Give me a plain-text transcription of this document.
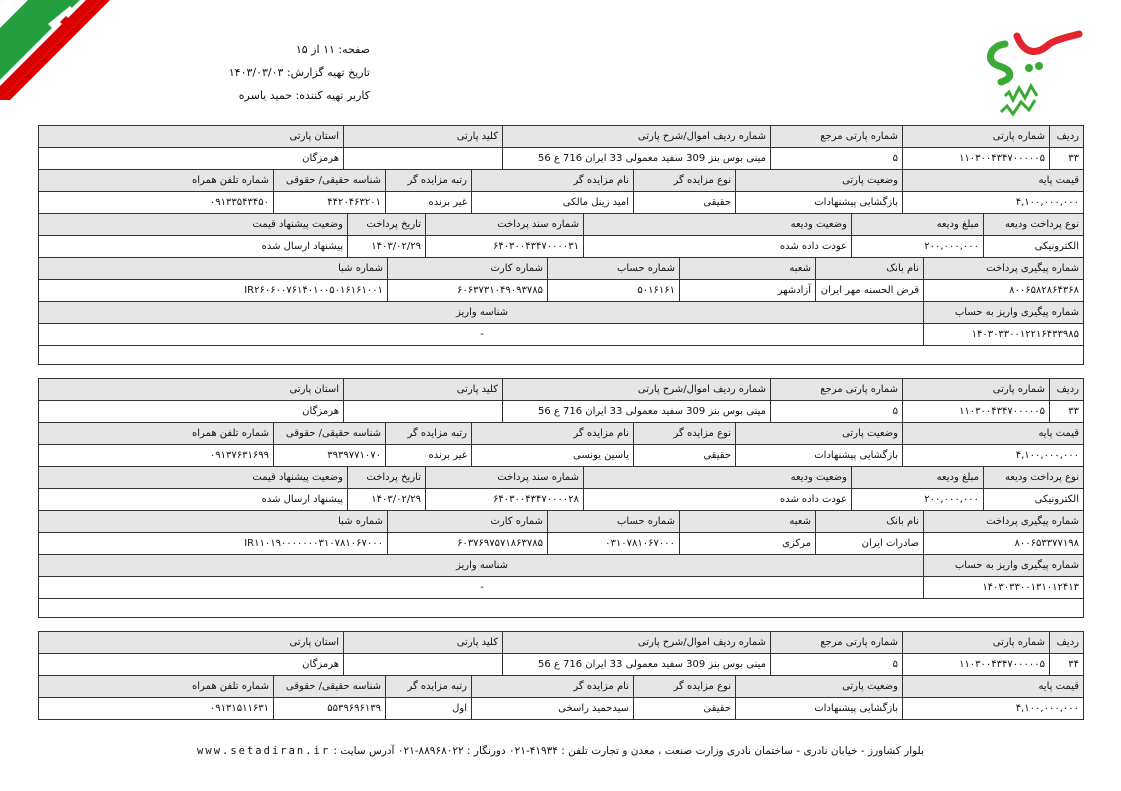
صفحه: ۱۱ از ۱۵
تاریخ تهیه گزارش: ۱۴۰۳/۰۳/۰۳
کاربر تهیه کننده: حمید یاسره
ردیف
شماره پارتی
شماره پارتی مرجع
شماره ردیف اموال/شرح پارتی
کلید پارتی
استان پارتی
۳۳
۱۱۰۳۰۰۴۳۴۷۰۰۰۰۰۵
۵
مینی بوس بنز 309 سفید معمولی 33 ایران 716 ع 56
هرمزگان
قیمت پایه
وضعیت پارتی
نوع مزایده گر
نام مزایده گر
رتبه مزایده گر
شناسه حقیقی/ حقوقی
شماره تلفن همراه
۴,۱۰۰,۰۰۰,۰۰۰
بازگشایی پیشنهادات
حقیقی
امید زینل مالکی
غیر برنده
۴۴۲۰۴۶۳۲۰۱
۰۹۱۳۳۵۴۳۴۵۰
نوع پرداخت ودیعه
مبلغ ودیعه
وضعیت ودیعه
شماره سند پرداخت
تاریخ پرداخت
وضعیت پیشنهاد قیمت
الکترونیکی
۲۰۰,۰۰۰,۰۰۰
عودت داده شده
۶۴۰۳۰۰۴۳۴۷۰۰۰۰۳۱
۱۴۰۳/۰۲/۲۹
پیشنهاد ارسال شده
شماره پیگیری پرداخت
نام بانک
شعبه
شماره حساب
شماره کارت
شماره شبا
۸۰۰۶۵۸۲۸۶۴۳۶۸
قرض الحسنه مهر ایران
آزادشهر
۵۰۱۶۱۶۱
۶۰۶۳۷۳۱۰۴۹۰۹۳۷۸۵
IR۲۶۰۶۰۰۷۶۱۴۰۱۰۰۵۰۱۶۱۶۱۰۰۱
شماره پیگیری واریز به حساب
شناسه واریز
۱۴۰۳۰۳۳۰۰۱۲۲۱۶۴۳۳۹۸۵
-
ردیف
شماره پارتی
شماره پارتی مرجع
شماره ردیف اموال/شرح پارتی
کلید پارتی
استان پارتی
۳۳
۱۱۰۳۰۰۴۳۴۷۰۰۰۰۰۵
۵
مینی بوس بنز 309 سفید معمولی 33 ایران 716 ع 56
هرمزگان
قیمت پایه
وضعیت پارتی
نوع مزایده گر
نام مزایده گر
رتبه مزایده گر
شناسه حقیقی/ حقوقی
شماره تلفن همراه
۴,۱۰۰,۰۰۰,۰۰۰
بازگشایی پیشنهادات
حقیقی
یاسین یونسی
غیر برنده
۳۹۳۹۷۷۱۰۷۰
۰۹۱۳۷۶۳۱۶۹۹
نوع پرداخت ودیعه
مبلغ ودیعه
وضعیت ودیعه
شماره سند پرداخت
تاریخ پرداخت
وضعیت پیشنهاد قیمت
الکترونیکی
۲۰۰,۰۰۰,۰۰۰
عودت داده شده
۶۴۰۳۰۰۴۳۴۷۰۰۰۰۲۸
۱۴۰۳/۰۲/۲۹
پیشنهاد ارسال شده
شماره پیگیری پرداخت
نام بانک
شعبه
شماره حساب
شماره کارت
شماره شبا
۸۰۰۶۵۳۳۷۷۱۹۸
صادرات ایران
مرکزی
۰۳۱۰۷۸۱۰۶۷۰۰۰
۶۰۳۷۶۹۷۵۷۱۸۶۳۷۸۵
IR۱۱۰۱۹۰۰۰۰۰۰۰۳۱۰۷۸۱۰۶۷۰۰۰
شماره پیگیری واریز به حساب
شناسه واریز
۱۴۰۳۰۳۳۰۰۱۳۱۰۱۲۴۱۳
-
ردیف
شماره پارتی
شماره پارتی مرجع
شماره ردیف اموال/شرح پارتی
کلید پارتی
استان پارتی
۳۴
۱۱۰۳۰۰۴۳۴۷۰۰۰۰۰۵
۵
مینی بوس بنز 309 سفید معمولی 33 ایران 716 ع 56
هرمزگان
قیمت پایه
وضعیت پارتی
نوع مزایده گر
نام مزایده گر
رتبه مزایده گر
شناسه حقیقی/ حقوقی
شماره تلفن همراه
۴,۱۰۰,۰۰۰,۰۰۰
بازگشایی پیشنهادات
حقیقی
سیدحمید راسخی
اول
۵۵۳۹۶۹۶۱۳۹
۰۹۱۳۱۵۱۱۶۳۱
بلوار کشاورز - خیابان نادری - ساختمان نادری وزارت صنعت ، معدن و تجارت تلفن : ۴۱۹۳۴-۰۲۱ دورنگار : ۸۸۹۶۸۰۲۲-۰۲۱ آدرس سایت : www.setadiran.ir
